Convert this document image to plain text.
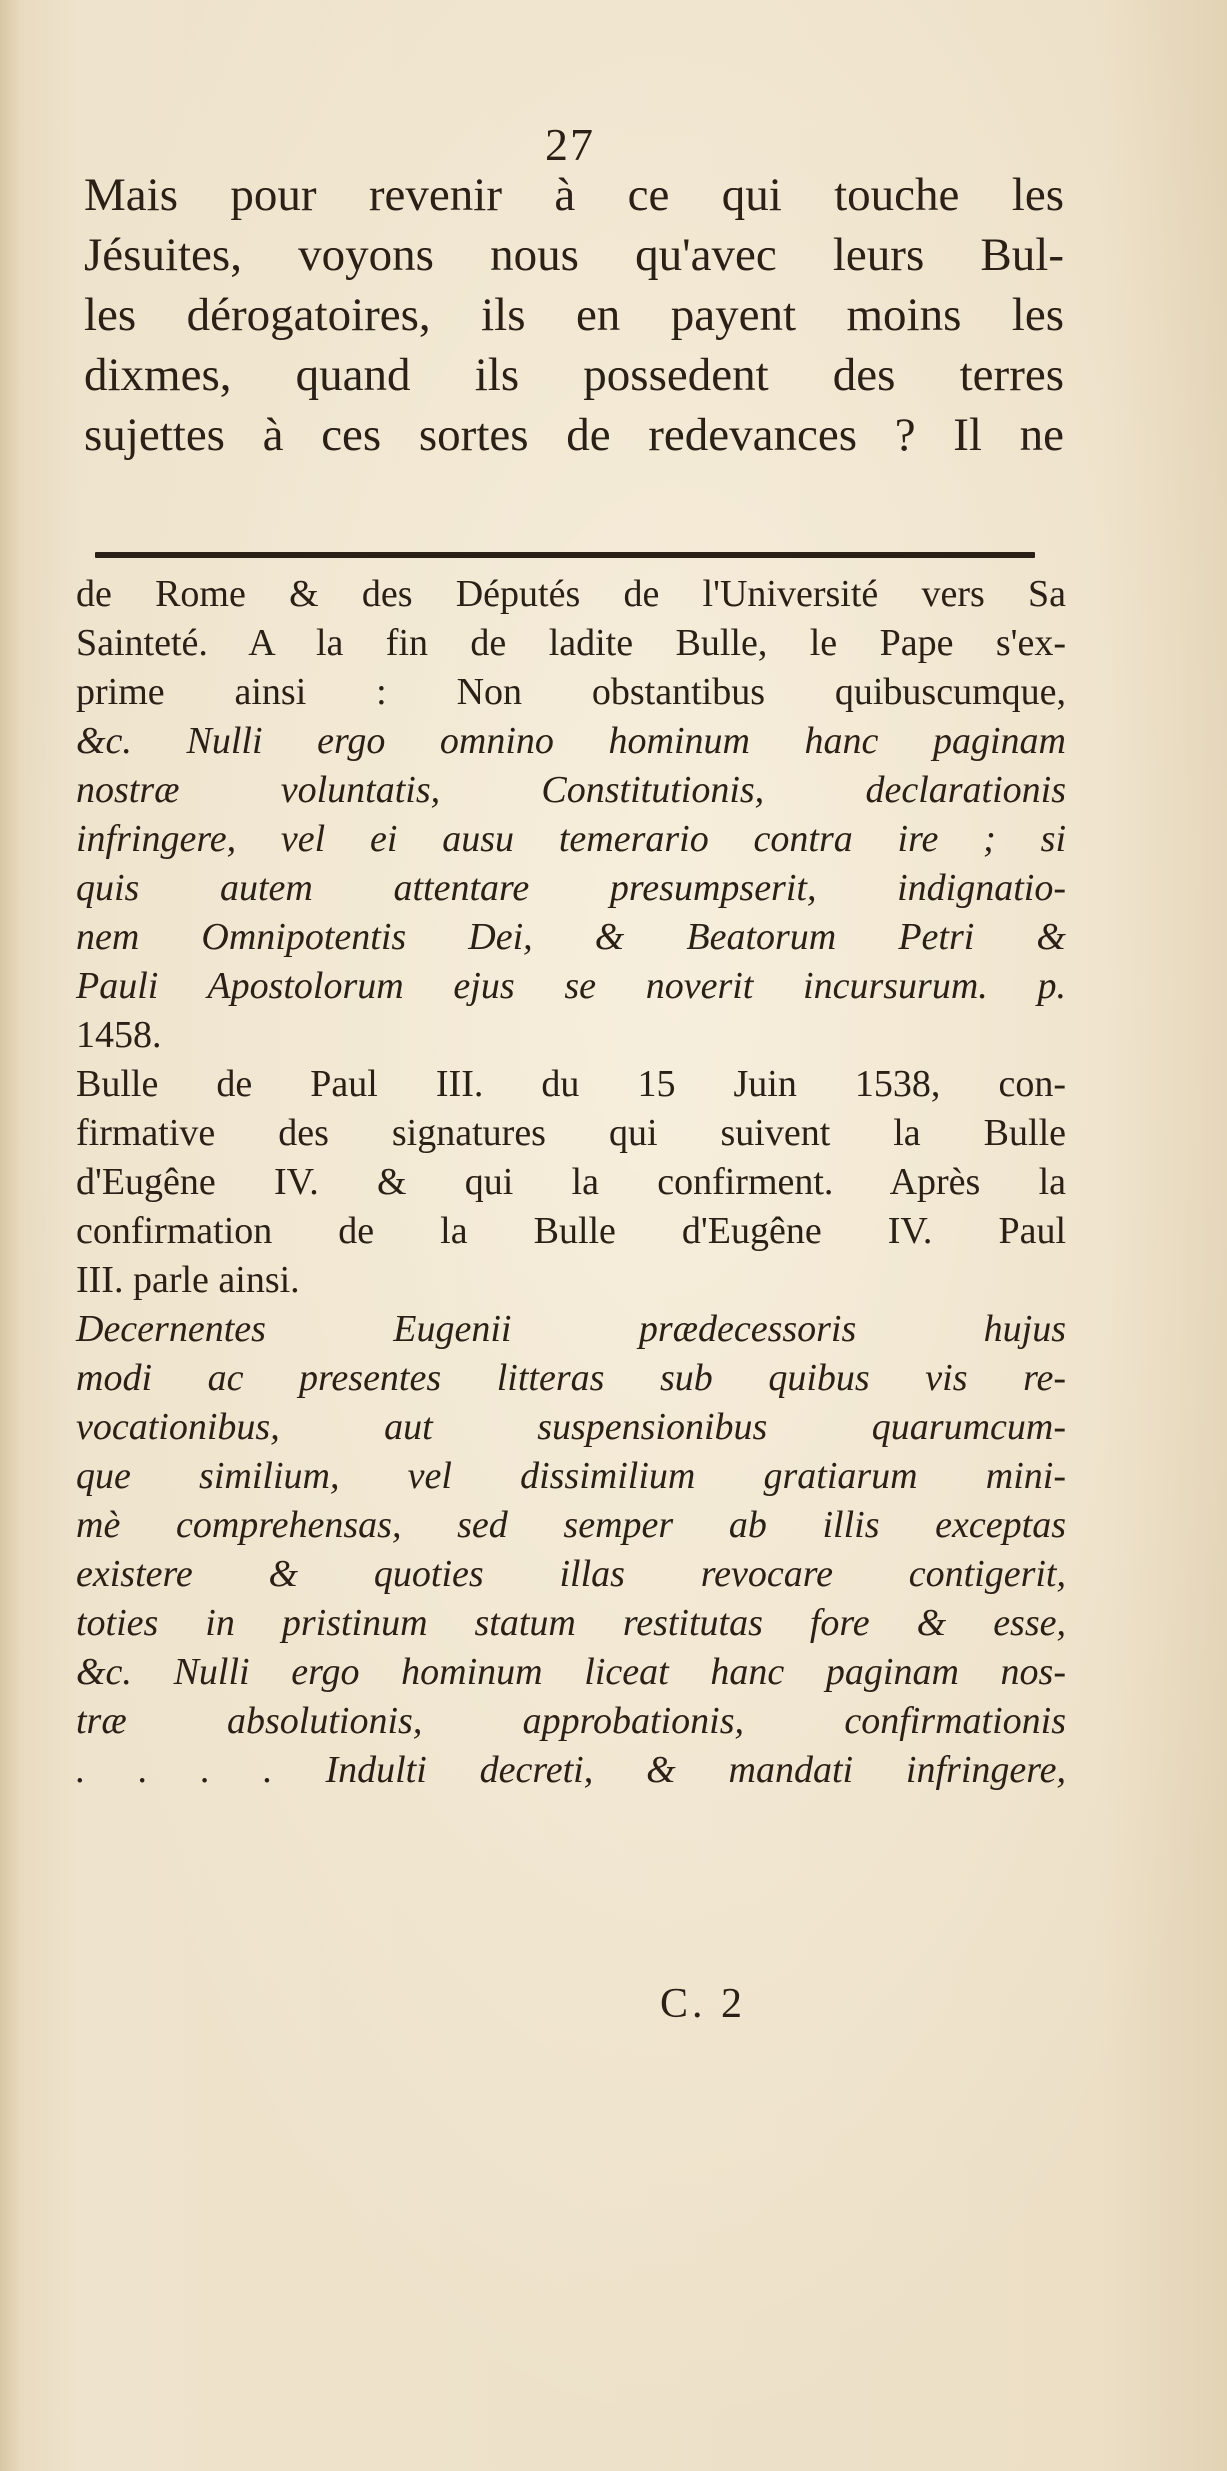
27
Mais pour revenir à ce qui touche les
Jésuites, voyons nous qu'avec leurs Bul-
les dérogatoires, ils en payent moins les
dixmes, quand ils possedent des terres
sujettes à ces sortes de redevances ? Il ne
de Rome & des Députés de l'Université vers Sa
Sainteté. A la fin de ladite Bulle, le Pape s'ex-
prime ainsi : Non obstantibus quibuscumque,
&c. Nulli ergo omnino hominum hanc paginam
nostræ voluntatis, Constitutionis, declarationis
infringere, vel ei ausu temerario contra ire ; si
quis autem attentare presumpserit, indignatio-
nem Omnipotentis Dei, & Beatorum Petri &
Pauli Apostolorum ejus se noverit incursurum. p.
1458.
Bulle de Paul III. du 15 Juin 1538, con-
firmative des signatures qui suivent la Bulle
d'Eugêne IV. & qui la confirment. Après la
confirmation de la Bulle d'Eugêne IV. Paul
III. parle ainsi.
Decernentes Eugenii prædecessoris hujus
modi ac presentes litteras sub quibus vis re-
vocationibus, aut suspensionibus quarumcum-
que similium, vel dissimilium gratiarum mini-
mè comprehensas, sed semper ab illis exceptas
existere & quoties illas revocare contigerit,
toties in pristinum statum restitutas fore & esse,
&c. Nulli ergo hominum liceat hanc paginam nos-
træ absolutionis, approbationis, confirmationis
. . . . Indulti decreti, & mandati infringere,
C. 2
